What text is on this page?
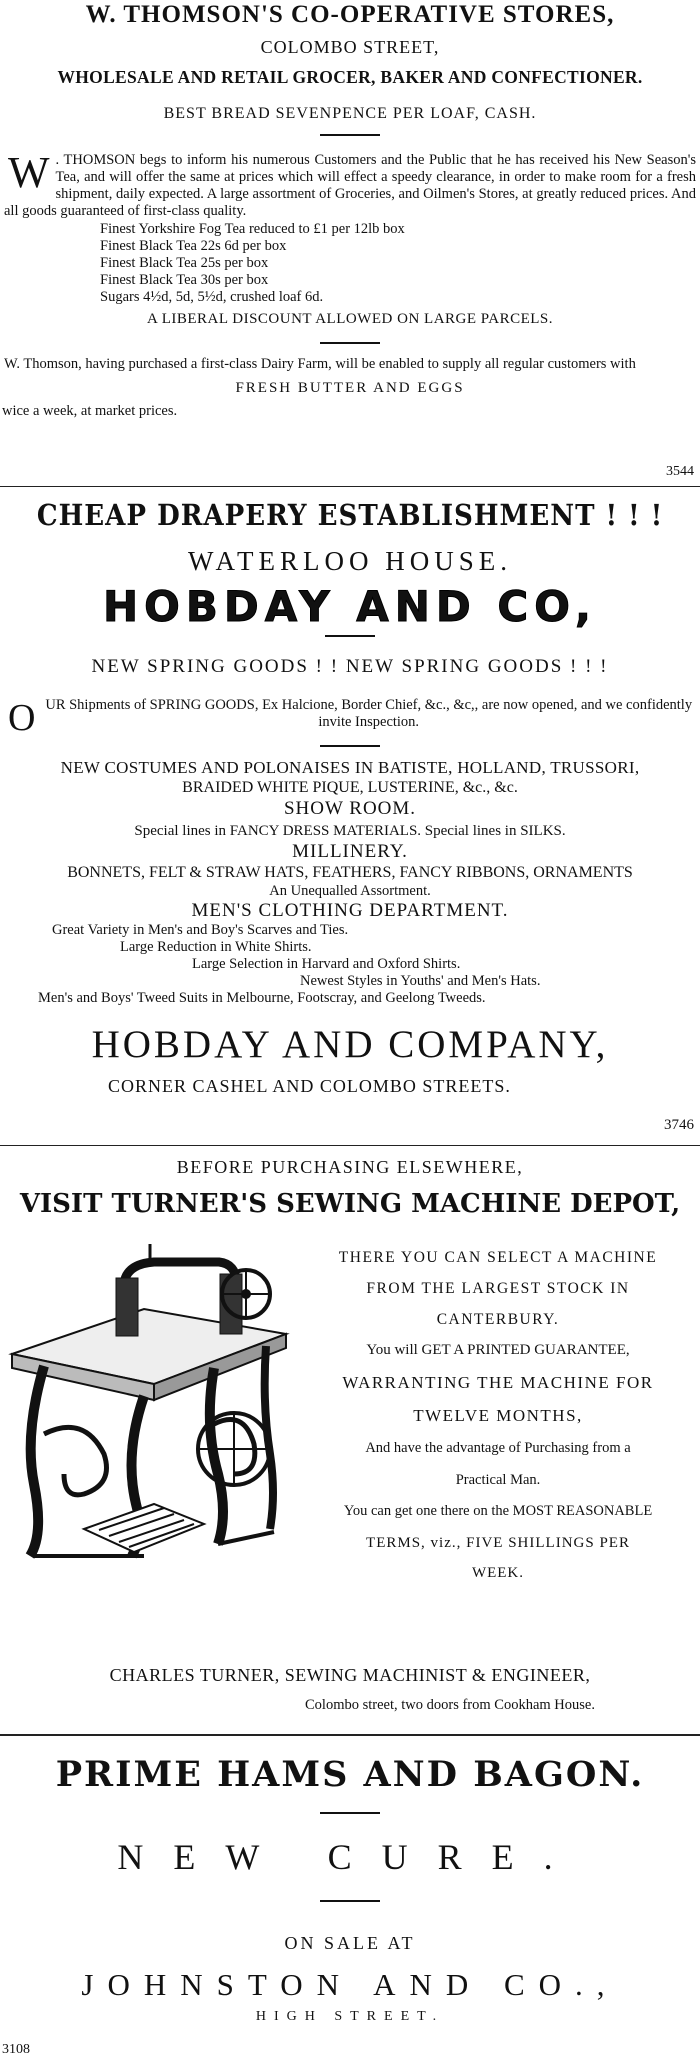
W. THOMSON'S CO-OPERATIVE STORES,
COLOMBO STREET,
WHOLESALE AND RETAIL GROCER, BAKER AND CONFECTIONER.
BEST BREAD SEVENPENCE PER LOAF, CASH.
W . THOMSON begs to inform his numerous Customers and the Public that he has received his New Season's Tea, and will offer the same at prices which will effect a speedy clearance, in order to make room for a fresh shipment, daily expected. A large assortment of Groceries, and Oilmen's Stores, at greatly reduced prices. And all goods guaranteed of first-class quality.

Finest Yorkshire Fog Tea reduced to £1 per 12lb box

Finest Black Tea 22s 6d per box

Finest Black Tea 25s per box

Finest Black Tea 30s per box

Sugars 4½d, 5d, 5½d, crushed loaf 6d.

A LIBERAL DISCOUNT ALLOWED ON LARGE PARCELS.
W. Thomson, having purchased a first-class Dairy Farm, will be enabled to supply all regular customers with
FRESH BUTTER AND EGGS
wice a week, at market prices.
3544
CHEAP DRAPERY ESTABLISHMENT ! ! !
WATERLOO HOUSE.
HOBDAY AND CO,
NEW SPRING GOODS ! ! NEW SPRING GOODS ! ! !
OUR Shipments of SPRING GOODS, Ex Halcione, Border Chief, &c., &c,, are now opened, and we confidently invite Inspection.
NEW COSTUMES AND POLONAISES IN BATISTE, HOLLAND, TRUSSORI,
BRAIDED WHITE PIQUE, LUSTERINE, &c., &c.
SHOW ROOM.
Special lines in FANCY DRESS MATERIALS. Special lines in SILKS.
MILLINERY.
BONNETS, FELT & STRAW HATS, FEATHERS, FANCY RIBBONS, ORNAMENTS
An Unequalled Assortment.
MEN'S CLOTHING DEPARTMENT.

Great Variety in Men's and Boy's Scarves and Ties.

Large Reduction in White Shirts.

Large Selection in Harvard and Oxford Shirts.

Newest Styles in Youths' and Men's Hats.

Men's and Boys' Tweed Suits in Melbourne, Footscray, and Geelong Tweeds.

HOBDAY AND COMPANY,
CORNER CASHEL AND COLOMBO STREETS.
3746
BEFORE PURCHASING ELSEWHERE,
VISIT TURNER'S SEWING MACHINE DEPOT,

THERE YOU CAN SELECT A MACHINE

FROM THE LARGEST STOCK IN

CANTERBURY.

You will GET A PRINTED GUARANTEE,

WARRANTING THE MACHINE FOR

TWELVE MONTHS,

And have the advantage of Purchasing from a

Practical Man.

You can get one there on the MOST REASONABLE

TERMS, viz., FIVE SHILLINGS PER

WEEK.

CHARLES TURNER, SEWING MACHINIST & ENGINEER,
Colombo street, two doors from Cookham House.
PRIME HAMS AND BAGON.
NEW CURE.
ON SALE AT
JOHNSTON AND CO.,
HIGH STREET.
3108
